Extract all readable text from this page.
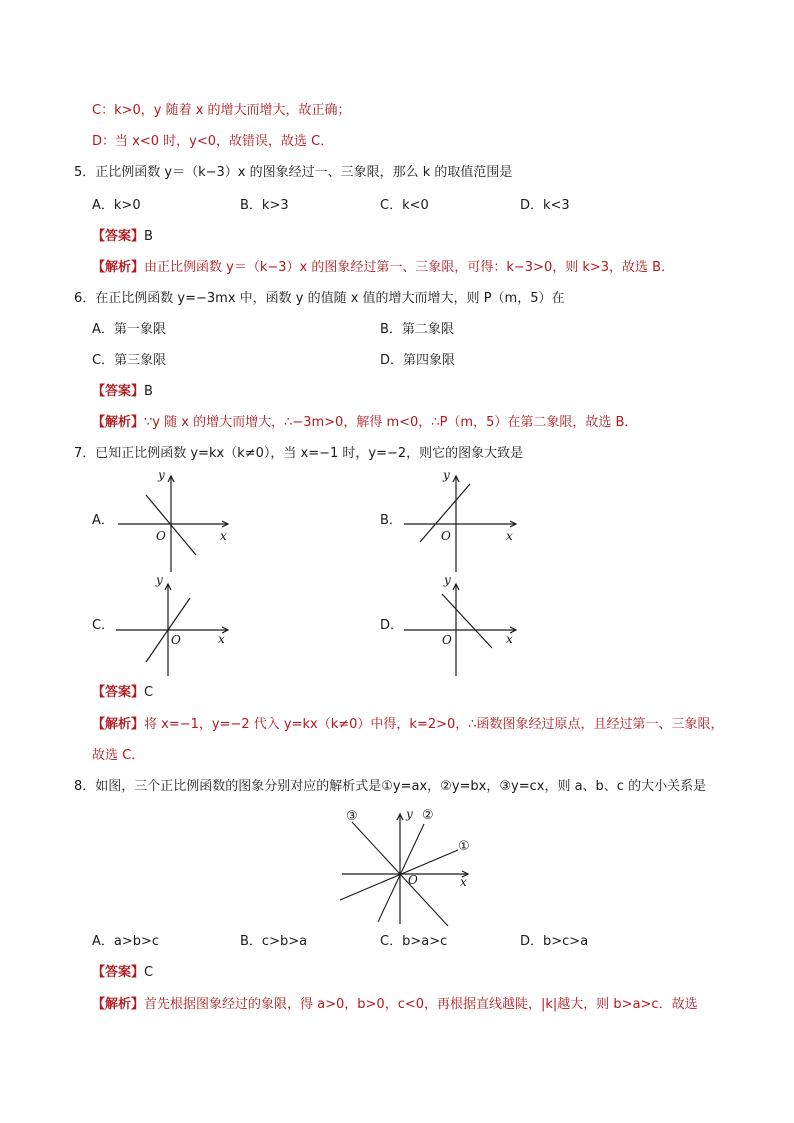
C：k>0，y 随着 x 的增大而增大，故正确；
D：当 x<0 时，y<0，故错误，故选 C．
5．正比例函数 y＝（k−3）x 的图象经过一、三象限，那么 k 的取值范围是
A．k>0	B．k>3	C．k<0	D．k<3
【答案】B
【解析】由正比例函数 y＝（k−3）x 的图象经过第一、三象限，可得：k−3>0，则 k>3，故选 B．
6．在正比例函数 y=−3mx 中，函数 y 的值随 x 值的增大而增大，则 P（m，5）在
A．第一象限	B．第二象限
C．第三象限	D．第四象限
【答案】B
【解析】∵y 随 x 的增大而增大，∴−3m>0，解得 m<0，∴P（m，5）在第二象限，故选 B．
7．已知正比例函数 y=kx（k≠0），当 x=−1 时，y=−2，则它的图象大致是
A．	B．
C．	D．
y
x
O
y
x
O
y
x
O
y
x
O
【答案】C
【解析】将 x=−1，y=−2 代入 y=kx（k≠0）中得，k=2>0，∴函数图象经过原点，且经过第一、三象限，
故选 C．
8．如图，三个正比例函数的图象分别对应的解析式是①y=ax，②y=bx，③y=cx，则 a、b、c 的大小关系是
③	②
①
y
x
O
A．a>b>c	B．c>b>a	C．b>a>c	D．b>c>a
【答案】C
【解析】首先根据图象经过的象限，得 a>0，b>0，c<0，再根据直线越陡，|k|越大，则 b>a>c．故选
